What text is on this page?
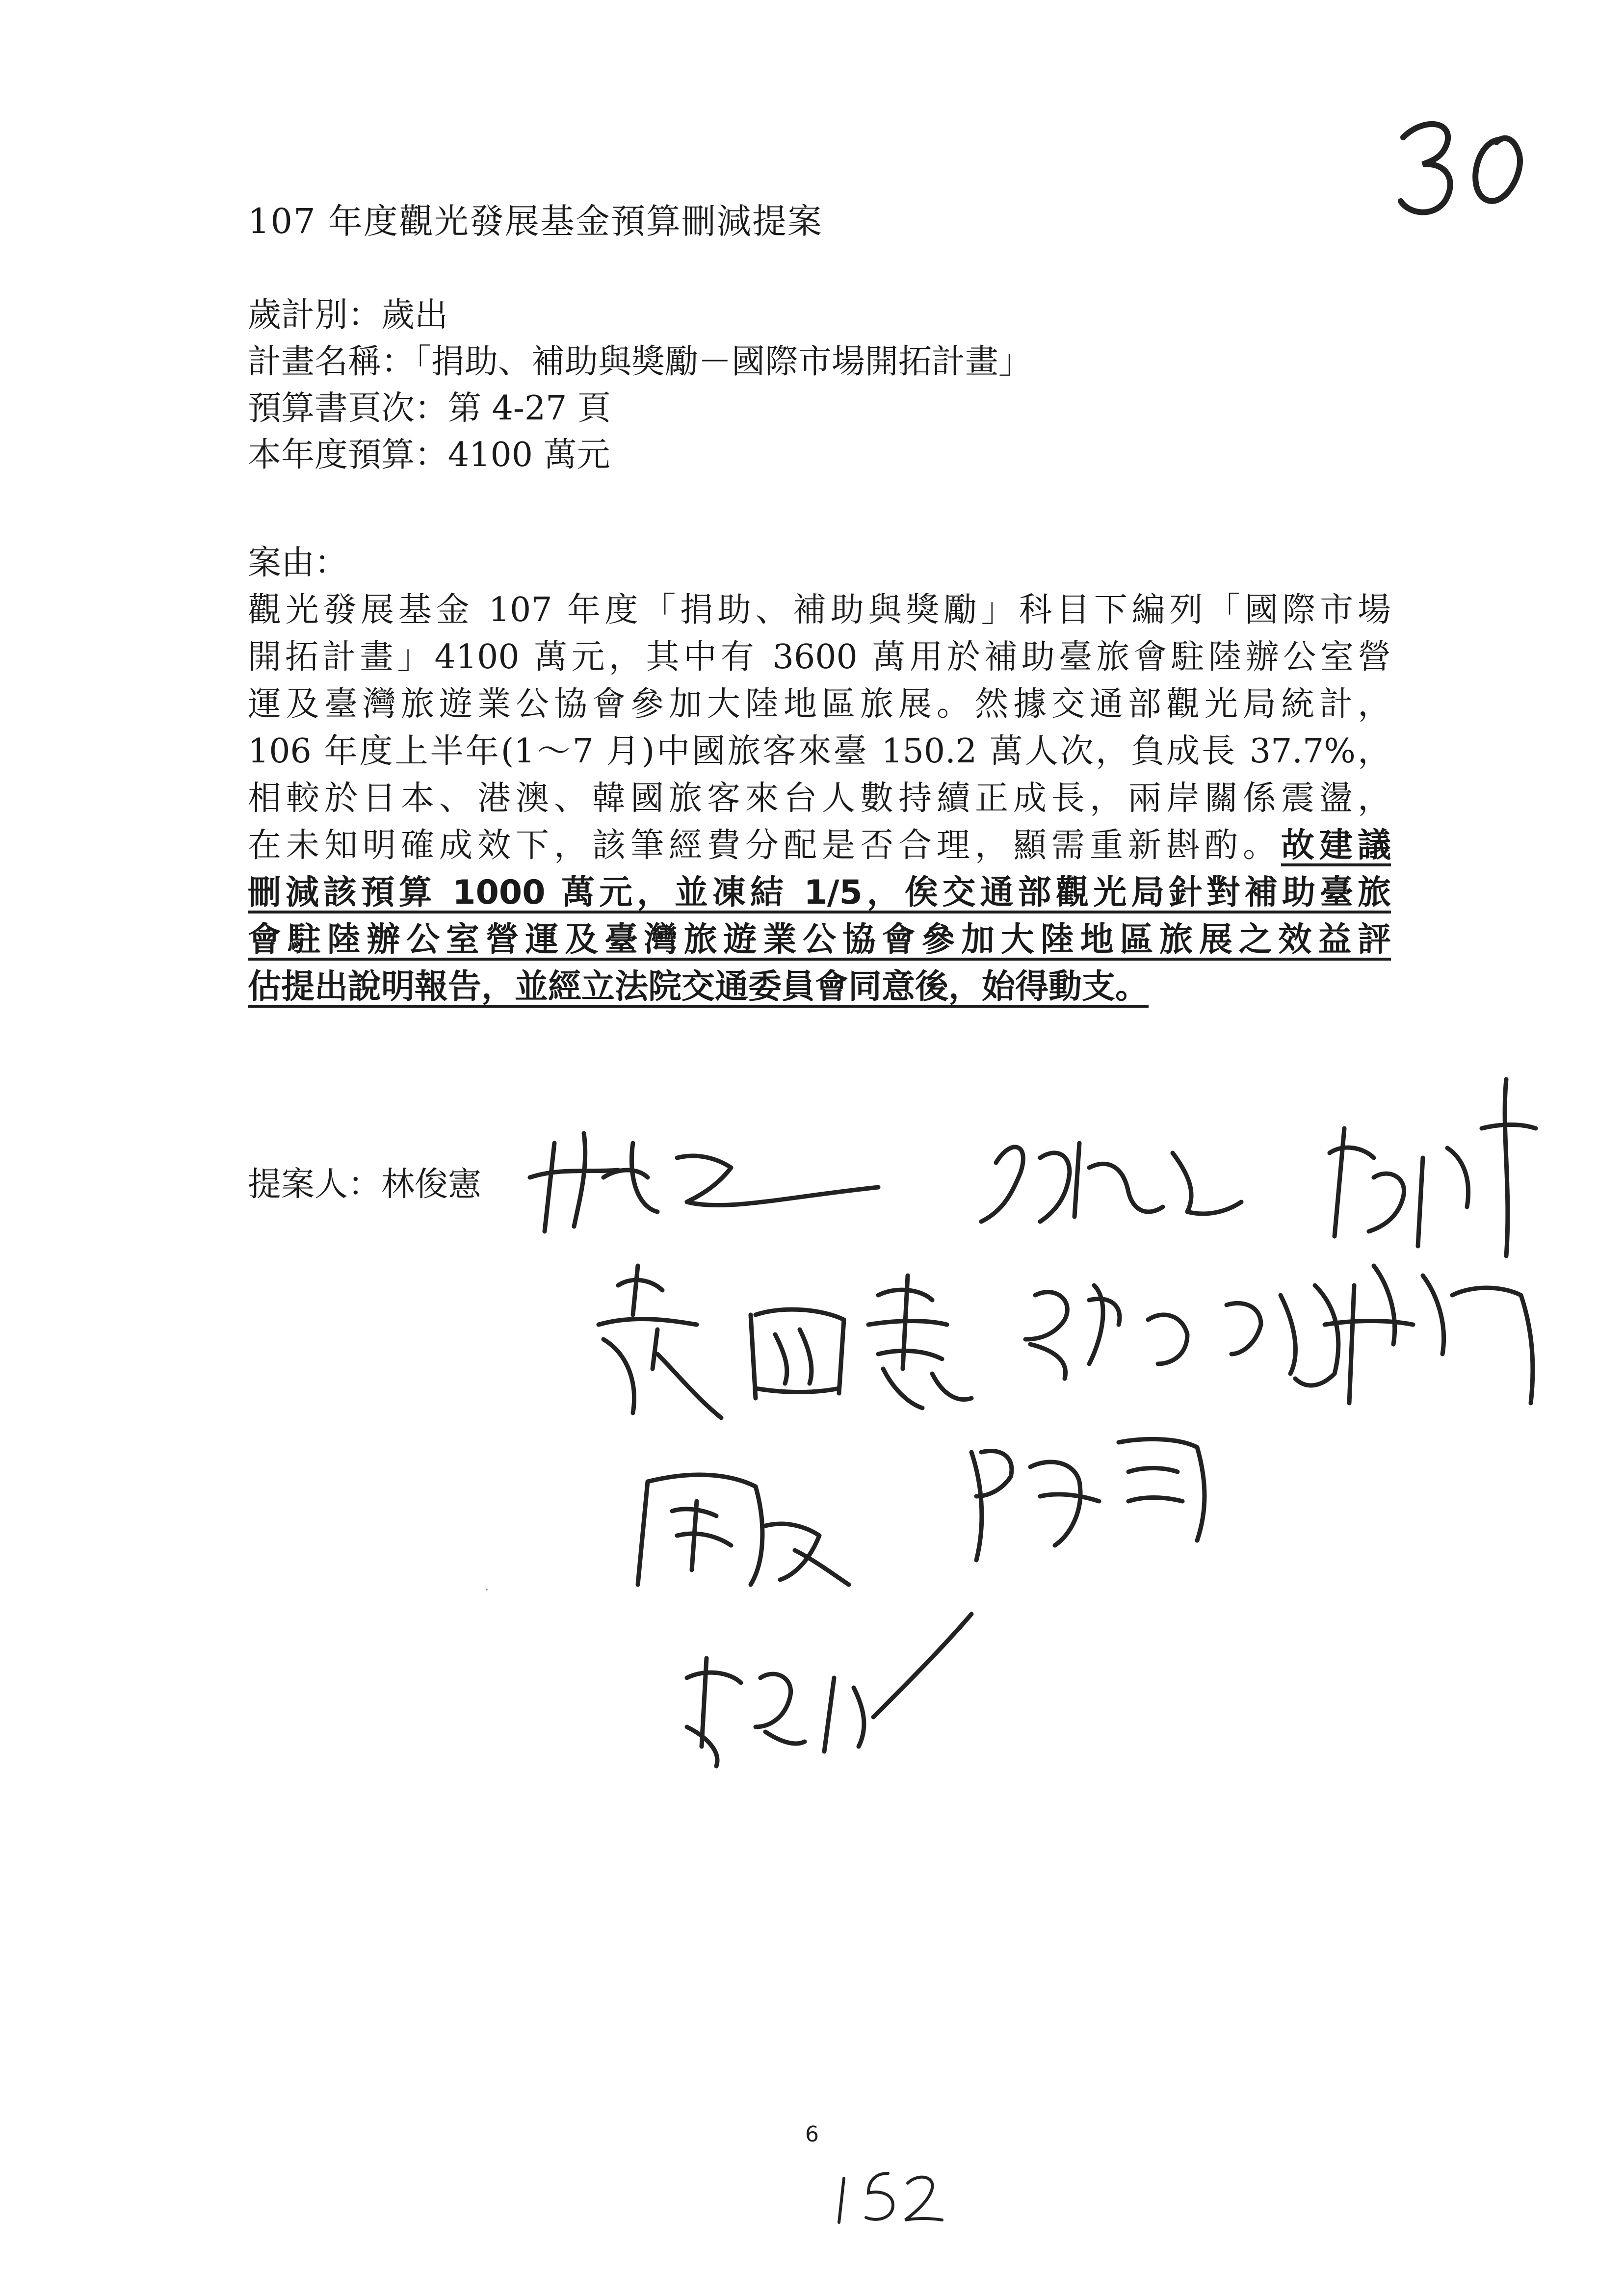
107 年度觀光發展基金預算刪減提案
歲計別：歲出
計畫名稱：「捐助、補助與獎勵－國際市場開拓計畫」
預算書頁次：第 4-27 頁
本年度預算：4100 萬元
案由：
觀光發展基金 107 年度「捐助、補助與獎勵」科目下編列「國際市場
開拓計畫」4100 萬元，其中有 3600 萬用於補助臺旅會駐陸辦公室營
運及臺灣旅遊業公協會參加大陸地區旅展。然據交通部觀光局統計，
106 年度上半年(1～7 月)中國旅客來臺 150.2 萬人次，負成長 37.7%，
相較於日本、港澳、韓國旅客來台人數持續正成長，兩岸關係震盪，
在未知明確成效下，該筆經費分配是否合理，顯需重新斟酌。故建議
刪減該預算 1000 萬元，並凍結 1/5，俟交通部觀光局針對補助臺旅
會駐陸辦公室營運及臺灣旅遊業公協會參加大陸地區旅展之效益評
估提出說明報告，並經立法院交通委員會同意後，始得動支。
提案人：林俊憲
6
